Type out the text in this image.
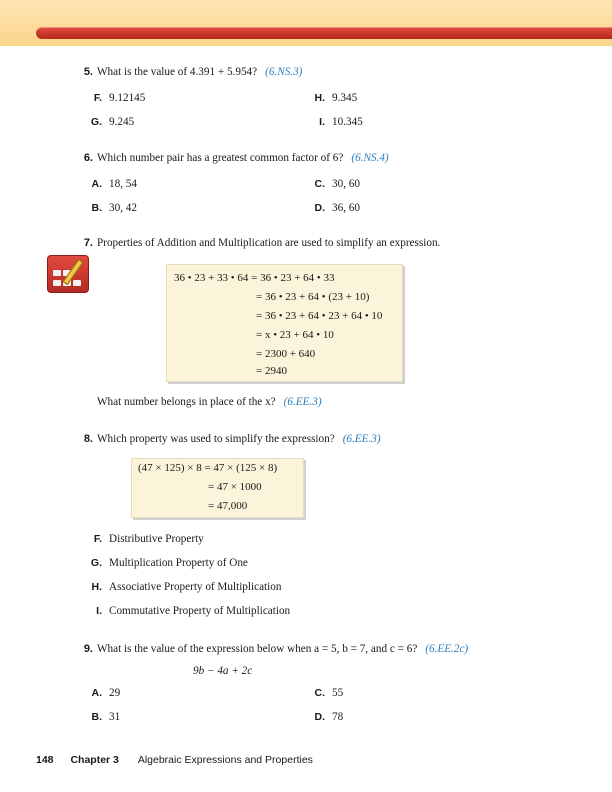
5. What is the value of 4.391 + 5.954? (6.NS.3)
F. 9.12145	H. 9.345
G. 9.245	I. 10.345
6. Which number pair has a greatest common factor of 6? (6.NS.4)
A. 18, 54	C. 30, 60
B. 30, 42	D. 36, 60
7. Properties of Addition and Multiplication are used to simplify an expression.
36 • 23 + 33 • 64 = 36 • 23 + 64 • 33
= 36 • 23 + 64 • (23 + 10)
= 36 • 23 + 64 • 23 + 64 • 10
= x • 23 + 64 • 10
= 2300 + 640
= 2940
What number belongs in place of the x? (6.EE.3)
8. Which property was used to simplify the expression? (6.EE.3)
(47 × 125) × 8 = 47 × (125 × 8)
= 47 × 1000
= 47,000
F. Distributive Property
G. Multiplication Property of One
H. Associative Property of Multiplication
I. Commutative Property of Multiplication
9. What is the value of the expression below when a = 5, b = 7, and c = 6? (6.EE.2c)
9b − 4a + 2c
A. 29	C. 55
B. 31	D. 78
148 Chapter 3 Algebraic Expressions and Properties
